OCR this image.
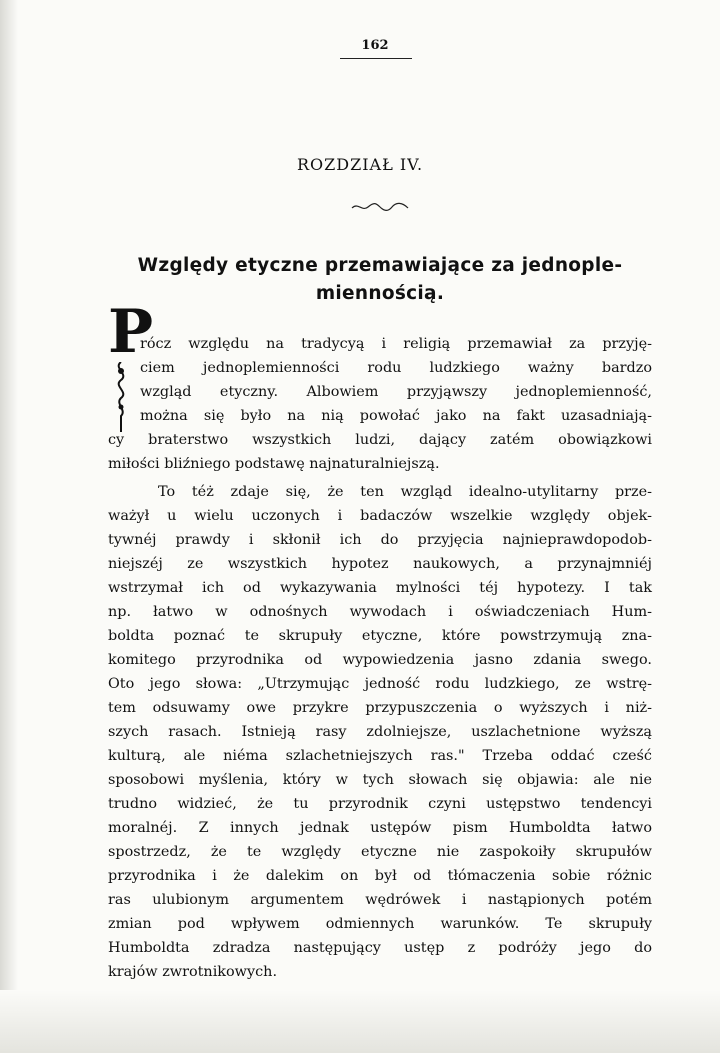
162
ROZDZIAŁ IV.
Względy etyczne przemawiające za jednople-
miennością.
P
rócz względu na tradycyą i religią przemawiał za przyję-
ciem jednoplemienności rodu ludzkiego ważny bardzo
wzgląd etyczny. Albowiem przyjąwszy jednoplemienność,
można się było na nią powołać jako na fakt uzasadniają-
cy braterstwo wszystkich ludzi, dający zatém obowiązkowi
miłości bliźniego podstawę najnaturalniejszą.
To téż zdaje się, że ten wzgląd idealno-utylitarny prze-
ważył u wielu uczonych i badaczów wszelkie względy objek-
tywnéj prawdy i skłonił ich do przyjęcia najnieprawdopodob-
niejszéj ze wszystkich hypotez naukowych, a przynajmniéj
wstrzymał ich od wykazywania mylności téj hypotezy. I tak
np. łatwo w odnośnych wywodach i oświadczeniach Hum-
boldta poznać te skrupuły etyczne, które powstrzymują zna-
komitego przyrodnika od wypowiedzenia jasno zdania swego.
Oto jego słowa: „Utrzymując jedność rodu ludzkiego, ze wstrę-
tem odsuwamy owe przykre przypuszczenia o wyższych i niż-
szych rasach. Istnieją rasy zdolniejsze, uszlachetnione wyższą
kulturą, ale niéma szlachetniejszych ras." Trzeba oddać cześć
sposobowi myślenia, który w tych słowach się objawia: ale nie
trudno widzieć, że tu przyrodnik czyni ustępstwo tendencyi
moralnéj. Z innych jednak ustępów pism Humboldta łatwo
spostrzedz, że te względy etyczne nie zaspokoiły skrupułów
przyrodnika i że dalekim on był od tłómaczenia sobie różnic
ras ulubionym argumentem wędrówek i nastąpionych potém
zmian pod wpływem odmiennych warunków. Te skrupuły
Humboldta zdradza następujący ustęp z podróży jego do
krajów zwrotnikowych.
